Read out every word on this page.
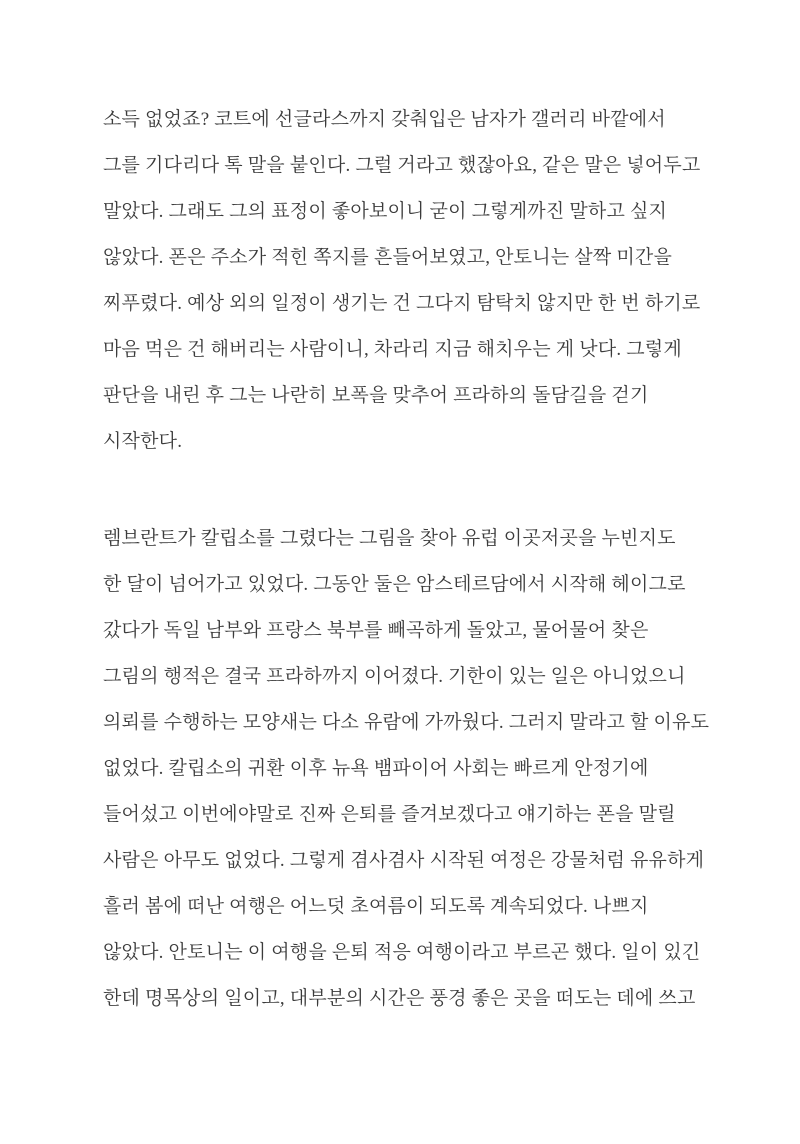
소득 없었죠? 코트에 선글라스까지 갖춰입은 남자가 갤러리 바깥에서
그를 기다리다 톡 말을 붙인다. 그럴 거라고 했잖아요, 같은 말은 넣어두고
말았다. 그래도 그의 표정이 좋아보이니 굳이 그렇게까진 말하고 싶지
않았다. 폰은 주소가 적힌 쪽지를 흔들어보였고, 안토니는 살짝 미간을
찌푸렸다. 예상 외의 일정이 생기는 건 그다지 탐탁치 않지만 한 번 하기로
마음 먹은 건 해버리는 사람이니, 차라리 지금 해치우는 게 낫다. 그렇게
판단을 내린 후 그는 나란히 보폭을 맞추어 프라하의 돌담길을 걷기
시작한다.
렘브란트가 칼립소를 그렸다는 그림을 찾아 유럽 이곳저곳을 누빈지도
한 달이 넘어가고 있었다. 그동안 둘은 암스테르담에서 시작해 헤이그로
갔다가 독일 남부와 프랑스 북부를 빼곡하게 돌았고, 물어물어 찾은
그림의 행적은 결국 프라하까지 이어졌다. 기한이 있는 일은 아니었으니
의뢰를 수행하는 모양새는 다소 유람에 가까웠다. 그러지 말라고 할 이유도
없었다. 칼립소의 귀환 이후 뉴욕 뱀파이어 사회는 빠르게 안정기에
들어섰고 이번에야말로 진짜 은퇴를 즐겨보겠다고 얘기하는 폰을 말릴
사람은 아무도 없었다. 그렇게 겸사겸사 시작된 여정은 강물처럼 유유하게
흘러 봄에 떠난 여행은 어느덧 초여름이 되도록 계속되었다. 나쁘지
않았다. 안토니는 이 여행을 은퇴 적응 여행이라고 부르곤 했다. 일이 있긴
한데 명목상의 일이고, 대부분의 시간은 풍경 좋은 곳을 떠도는 데에 쓰고
